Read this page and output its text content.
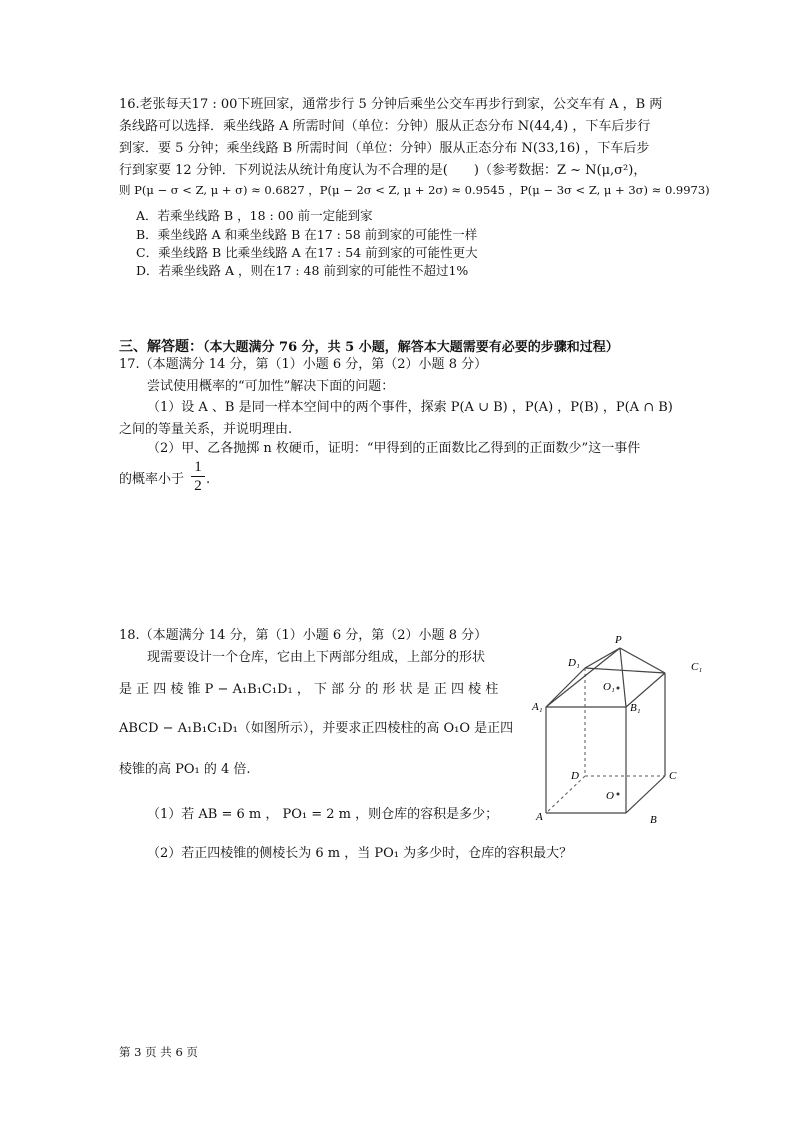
16.老张每天17 : 00下班回家，通常步行 5 分钟后乘坐公交车再步行到家，公交车有 A ，B 两
条线路可以选择．乘坐线路 A 所需时间（单位：分钟）服从正态分布 N(44,4) ，下车后步行
到家．要 5 分钟；乘坐线路 B 所需时间（单位：分钟）服从正态分布 N(33,16) ，下车后步
行到家要 12 分钟．下列说法从统计角度认为不合理的是(　　)（参考数据：Z ~ N(μ,σ²)，
则 P(μ − σ < Z, μ + σ) ≈ 0.6827 ，P(μ − 2σ < Z, μ + 2σ) ≈ 0.9545 ，P(μ − 3σ < Z, μ + 3σ) ≈ 0.9973)
A．若乘坐线路 B ，18 : 00 前一定能到家
B．乘坐线路 A 和乘坐线路 B 在17 : 58 前到家的可能性一样
C．乘坐线路 B 比乘坐线路 A 在17 : 54 前到家的可能性更大
D．若乘坐线路 A ，则在17 : 48 前到家的可能性不超过1%
三、解答题：（本大题满分 76 分，共 5 小题，解答本大题需要有必要的步骤和过程）
17.（本题满分 14 分，第（1）小题 6 分，第（2）小题 8 分）
尝试使用概率的“可加性”解决下面的问题：
（1）设 A 、B 是同一样本空间中的两个事件，探索 P(A ∪ B) ，P(A) ，P(B) ，P(A ∩ B)
之间的等量关系，并说明理由.
（2）甲、乙各抛掷 n 枚硬币，证明：“甲得到的正面数比乙得到的正面数少”这一事件
的概率小于
1
2 .
18.（本题满分 14 分，第（1）小题 6 分，第（2）小题 8 分）
现需要设计一个仓库，它由上下两部分组成，上部分的形状
是 正 四 棱 锥 P − A₁B₁C₁D₁ ， 下 部 分 的 形 状 是 正 四 棱 柱
ABCD − A₁B₁C₁D₁（如图所示），并要求正四棱柱的高 O₁O 是正四
棱锥的高 PO₁ 的 4 倍.
（1）若 AB = 6 m ， PO₁ = 2 m ，则仓库的容积是多少；
（2）若正四棱锥的侧棱长为 6 m ，当 PO₁ 为多少时，仓库的容积最大？
P
D₁	C₁
O₁
A₁	B₁
D	C
O
A	B
第 3 页 共 6 页
